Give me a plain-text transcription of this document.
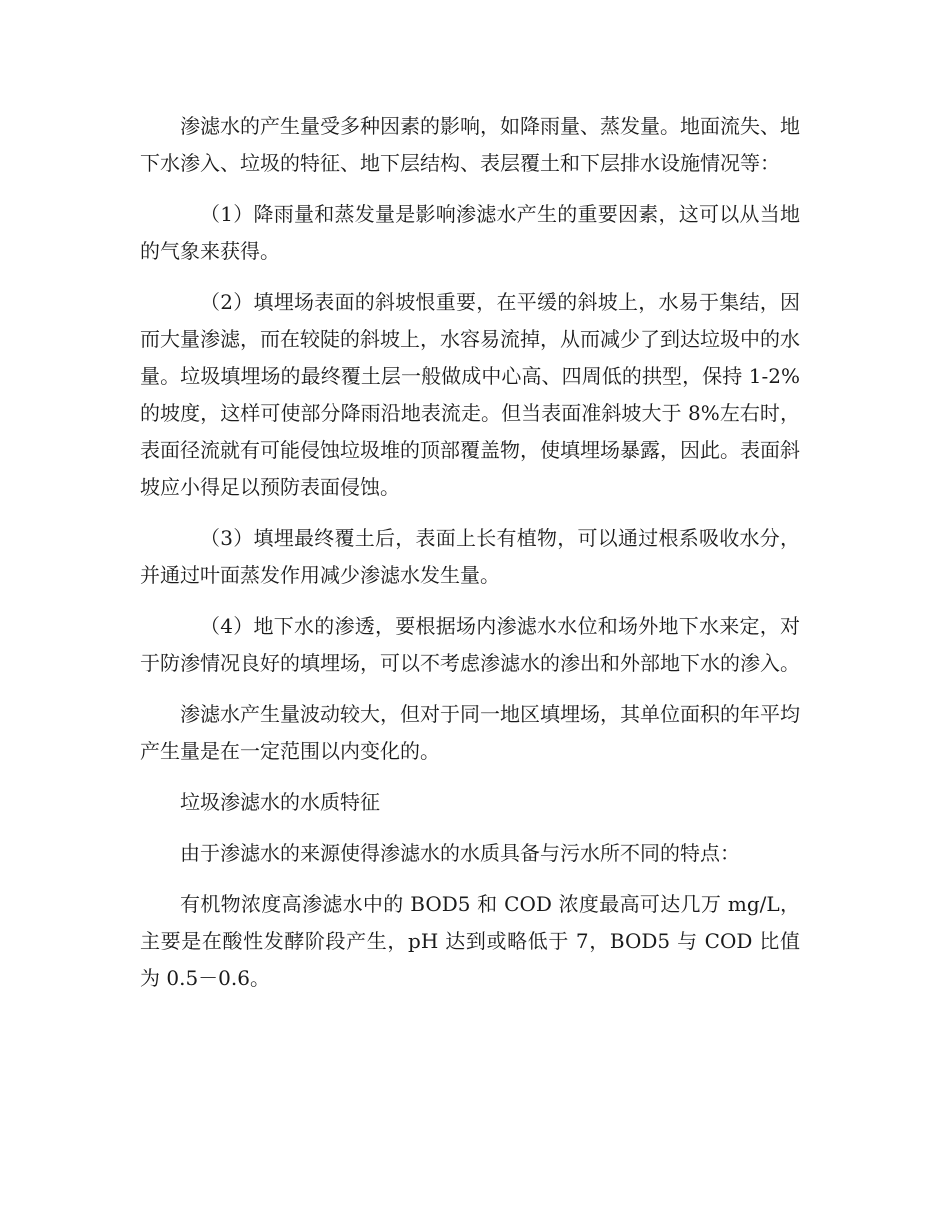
渗滤水的产生量受多种因素的影响，如降雨量、蒸发量。地面流失、地下水渗入、垃圾的特征、地下层结构、表层覆土和下层排水设施情况等：

（1）降雨量和蒸发量是影响渗滤水产生的重要因素，这可以从当地的气象来获得。

（2）填埋场表面的斜坡恨重要，在平缓的斜坡上，水易于集结，因而大量渗滤，而在较陡的斜坡上，水容易流掉，从而减少了到达垃圾中的水量。垃圾填埋场的最终覆土层一般做成中心高、四周低的拱型，保持 1-2%的坡度，这样可使部分降雨沿地表流走。但当表面准斜坡大于 8%左右时，表面径流就有可能侵蚀垃圾堆的顶部覆盖物，使填埋场暴露，因此。表面斜坡应小得足以预防表面侵蚀。

（3）填埋最终覆土后，表面上长有植物，可以通过根系吸收水分，并通过叶面蒸发作用减少渗滤水发生量。

（4）地下水的渗透，要根据场内渗滤水水位和场外地下水来定，对于防渗情况良好的填埋场，可以不考虑渗滤水的渗出和外部地下水的渗入。

渗滤水产生量波动较大，但对于同一地区填埋场，其单位面积的年平均产生量是在一定范围以内变化的。

垃圾渗滤水的水质特征

由于渗滤水的来源使得渗滤水的水质具备与污水所不同的特点：

有机物浓度高渗滤水中的 BOD5 和 COD 浓度最高可达几万 mg/L，主要是在酸性发酵阶段产生，pH 达到或略低于 7，BOD5 与 COD 比值为 0.5－0.6。
